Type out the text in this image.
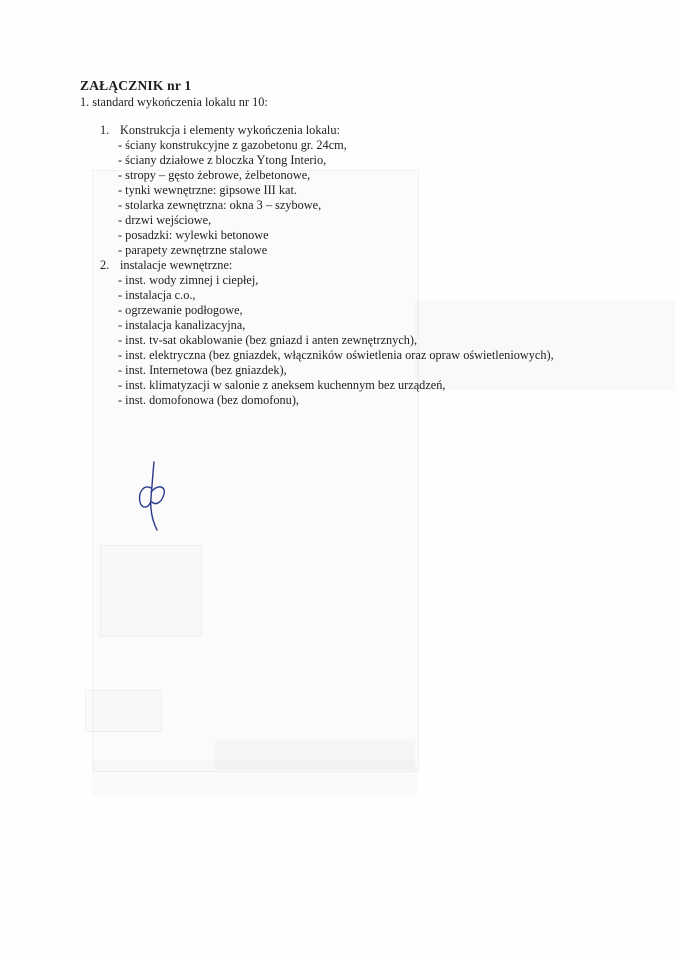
ZAŁĄCZNIK nr 1
1. standard wykończenia lokalu nr 10:
1. Konstrukcja i elementy wykończenia lokalu:
- ściany konstrukcyjne z gazobetonu gr. 24cm,
- ściany działowe z bloczka Ytong Interio,
- stropy – gęsto żebrowe, żelbetonowe,
- tynki wewnętrzne: gipsowe III kat.
- stolarka zewnętrzna: okna 3 – szybowe,
- drzwi wejściowe,
- posadzki: wylewki betonowe
- parapety zewnętrzne stalowe
2. instalacje wewnętrzne:
- inst. wody zimnej i ciepłej,
- instalacja c.o.,
- ogrzewanie podłogowe,
- instalacja kanalizacyjna,
- inst. tv-sat okablowanie (bez gniazd i anten zewnętrznych),
- inst. elektryczna (bez gniazdek, włączników oświetlenia oraz opraw oświetleniowych),
- inst. Internetowa (bez gniazdek),
- inst. klimatyzacji w salonie z aneksem kuchennym bez urządzeń,
- inst. domofonowa (bez domofonu),
